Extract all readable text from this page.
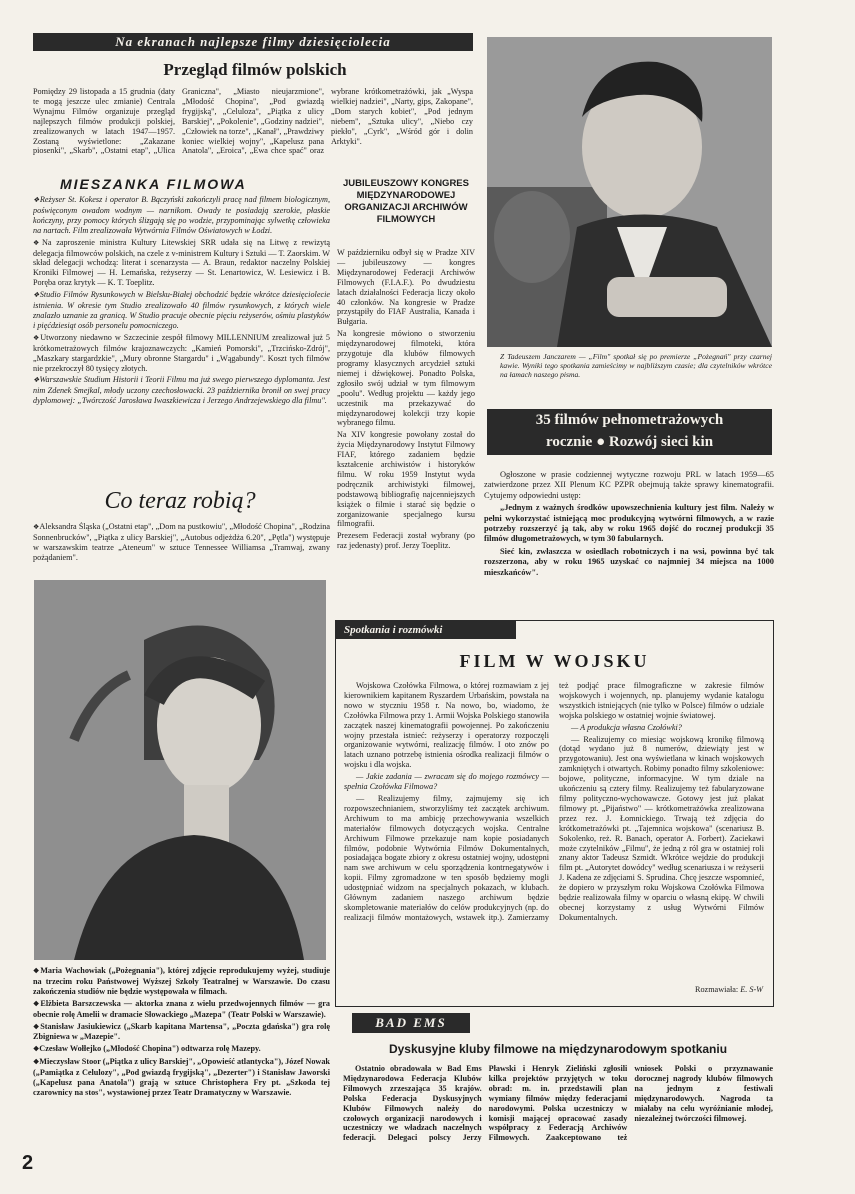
Na ekranach najlepsze filmy dziesięciolecia
Przegląd filmów polskich

Pomiędzy 29 listopada a 15 grudnia (daty te mogą jeszcze ulec zmianie) Centrala Wynajmu Filmów organizuje przegląd najlepszych filmów produkcji polskiej, zrealizowanych w latach 1947—1957. Zostaną wyświetlone: „Zakazane piosenki", „Skarb", „Ostatni etap", „Ulica Graniczna", „Miasto nieujarzmione", „Młodość Chopina", „Pod gwiazdą frygijską", „Celuloza", „Piątka z ulicy Barskiej", „Pokolenie", „Godziny nadziei", „Człowiek na torze", „Kanał", „Prawdziwy koniec wielkiej wojny", „Kapelusz pana Anatola", „Eroica", „Ewa chce spać" oraz wybrane krótkometrażówki, jak „Wyspa wielkiej nadziei", „Narty, gips, Zakopane", „Dom starych kobiet", „Pod jednym niebem", „Sztuka ulicy", „Niebo czy piekło", „Cyrk", „Wśród gór i dolin Arktyki".

MIESZANKA FILMOWA

❖ Reżyser St. Kokesz i operator B. Bączyński zakończyli pracę nad filmem biologicznym, poświęconym owadom wodnym — narnikom. Owady te posiadają szerokie, płaskie kończyny, przy pomocy których ślizgają się po wodzie, przypominając sylwetkę człowieka na nartach. Film zrealizowała Wytwórnia Filmów Oświatowych w Łodzi.

❖ Na zaproszenie ministra Kultury Litewskiej SRR udała się na Litwę z rewizytą delegacja filmowców polskich, na czele z v-ministrem Kultury i Sztuki — T. Zaorskim. W skład delegacji wchodzą: literat i scenarzysta — A. Braun, redaktor naczelny Polskiej Kroniki Filmowej — H. Lemańska, reżyserzy — St. Lenartowicz, W. Lesiewicz i B. Poręba oraz krytyk — K. T. Toeplitz.

❖ Studio Filmów Rysunkowych w Bielsku-Białej obchodzić będzie wkrótce dziesięciolecie istnienia. W okresie tym Studio zrealizowało 40 filmów rysunkowych, z których wiele znalazło uznanie za granicą. W Studio pracuje obecnie pięciu reżyserów, ośmiu plastyków i pięćdziesiąt osób personelu pomocniczego.

❖ Utworzony niedawno w Szczecinie zespół filmowy MILLENNIUM zrealizował już 5 krótkometrażowych filmów krajoznawczych: „Kamień Pomorski", „Trzcińsko-Zdrój", „Maszkary stargardzkie", „Mury obronne Stargardu" i „Wągabundy". Koszt tych filmów nie przekroczył 80 tysięcy złotych.

❖ Warszawskie Studium Historii i Teorii Filmu ma już swego pierwszego dyplomanta. Jest nim Zdenek Smejkal, młody uczony czechosłowacki. 23 października bronił on swej pracy dyplomowej: „Twórczość Jarosława Iwaszkiewicza i Jerzego Andrzejewskiego dla filmu".

JUBILEUSZOWY KONGRES MIĘDZYNARODOWEJ ORGANIZACJI ARCHIWÓW FILMOWYCH

W październiku odbył się w Pradze XIV — jubileuszowy — kongres Międzynarodowej Federacji Archiwów Filmowych (F.I.A.F.). Po dwudziestu latach działalności Federacja liczy około 40 członków. Na kongresie w Pradze przystąpiły do FIAF Australia, Kanada i Bułgaria.

Na kongresie mówiono o stworzeniu międzynarodowej filmoteki, która przygotuje dla klubów filmowych programy klasycznych arcydzieł sztuki niemej i dźwiękowej. Ponadto Polska, zgłosiło swój udział w tym filmowym „poolu". Według projektu — każdy jego uczestnik ma przekazywać do międzynarodowej kolekcji trzy kopie wybranego filmu.

Na XIV kongresie powołany został do życia Międzynarodowy Instytut Filmowy FIAF, którego zadaniem będzie kształcenie archiwistów i historyków filmu. W roku 1959 Instytut wyda podręcznik archiwistyki filmowej, podstawową bibliografię najcenniejszych książek o filmie i starać się będzie o zorganizowanie specjalnego kursu filmografii.

Prezesem Federacji został wybrany (po raz jedenasty) prof. Jerzy Toeplitz.

Co teraz robią?

❖ Aleksandra Śląska („Ostatni etap", „Dom na pustkowiu", „Młodość Chopina", „Rodzina Sonnenbrucków", „Piątka z ulicy Barskiej", „Autobus odjeżdża 6.20", „Pętla") występuje w warszawskim teatrze „Ateneum" w sztuce Tennessee Williamsa „Tramwaj, zwany pożądaniem".

❖ Maria Wachowiak („Pożegnania"), której zdjęcie reprodukujemy wyżej, studiuje na trzecim roku Państwowej Wyższej Szkoły Teatralnej w Warszawie. Do czasu zakończenia studiów nie będzie występowała w filmach.

❖ Elżbieta Barszczewska — aktorka znana z wielu przedwojennych filmów — gra obecnie rolę Amelii w dramacie Słowackiego „Mazepa" (Teatr Polski w Warszawie).

❖ Stanisław Jasiukiewicz („Skarb kapitana Martensa", „Poczta gdańska") gra rolę Zbigniewa w „Mazepie".

❖ Czesław Wołłejko („Młodość Chopina") odtwarza rolę Mazepy.

❖ Mieczysław Stoor („Piątka z ulicy Barskiej", „Opowieść atlantycka"), Józef Nowak („Pamiątka z Celulozy", „Pod gwiazdą frygijską", „Dezerter") i Stanisław Jaworski („Kapelusz pana Anatola") grają w sztuce Christophera Fry pt. „Szkoda tej czarownicy na stos", wystawionej przez Teatr Dramatyczny w Warszawie.

Z Tadeuszem Janczarem — „Film" spotkał się po premierze „Pożegnań" przy czarnej kawie. Wyniki tego spotkania zamieścimy w najbliższym czasie; dla czytelników wkrótce na łamach naszego pisma.
35 filmów pełnometrażowych
rocznie ● Rozwój sieci kin

Ogłoszone w prasie codziennej wytyczne rozwoju PRL w latach 1959—65 zatwierdzone przez XII Plenum KC PZPR obejmują także sprawy kinematografii. Cytujemy odpowiedni ustęp:

„Jednym z ważnych środków upowszechnienia kultury jest film. Należy w pełni wykorzystać istniejącą moc produkcyjną wytwórni filmowych, a w razie potrzeby rozszerzyć ją tak, aby w roku 1965 dojść do rocznej produkcji 35 filmów długometrażowych, w tym 30 fabularnych.

Sieć kin, zwłaszcza w osiedlach robotniczych i na wsi, powinna być tak rozszerzona, aby w roku 1965 uzyskać co najmniej 34 miejsca na 1000 mieszkańców".

Spotkania i rozmówki
FILM W WOJSKU

Wojskowa Czołówka Filmowa, o której rozmawiam z jej kierownikiem kapitanem Ryszardem Urbańskim, powstała na nowo w styczniu 1958 r. Na nowo, bo, wiadomo, że Czołówka Filmowa przy 1. Armii Wojska Polskiego stanowiła zaczątek naszej kinematografii powojennej. Po zakończeniu wojny przestała istnieć: reżyserzy i operatorzy rozpoczęli organizowanie wytwórni, realizację filmów. I oto znów po latach uznano potrzebę istnienia ośrodka realizacji filmów o wojsku i dla wojska.

— Jakie zadania — zwracam się do mojego rozmówcy — spełnia Czołówka Filmowa?

— Realizujemy filmy, zajmujemy się ich rozpowszechnianiem, stworzyliśmy też zaczątek archiwum. Archiwum to ma ambicję przechowywania wszelkich materiałów filmowych dotyczących wojska. Centralne Archiwum Filmowe przekazuje nam kopie posiadanych filmów, podobnie Wytwórnia Filmów Dokumentalnych, posiadająca bogate zbiory z okresu ostatniej wojny, udostępni nam swe archiwum w celu sporządzenia kontrnegatywów i kopii. Filmy zgromadzone w ten sposób będziemy mogli udostępniać widzom na specjalnych pokazach, w klubach. Głównym zadaniem naszego archiwum będzie skompletowanie materiałów do celów produkcyjnych (np. do realizacji filmów montażowych, wstawek itp.). Zamierzamy też podjąć prace filmograficzne w zakresie filmów wojskowych i wojennych, np. planujemy wydanie katalogu wszystkich istniejących (nie tylko w Polsce) filmów o udziale wojska polskiego w ostatniej wojnie światowej.

— A produkcja własna Czołówki?

— Realizujemy co miesiąc wojskową kronikę filmową (dotąd wydano już 8 numerów, dziewiąty jest w przygotowaniu). Jest ona wyświetlana w kinach wojskowych zamkniętych i otwartych. Robimy ponadto filmy szkoleniowe: bojowe, polityczne, informacyjne. W tym dziale na ukończeniu są cztery filmy. Realizujemy też fabularyzowane filmy polityczno-wychowawcze. Gotowy jest już plakat filmowy pt. „Pijaństwo" — krótkometrażówka zrealizowana przez rez. J. Łomnickiego. Trwają też zdjęcia do krótkometrażówki pt. „Tajemnica wojskowa" (scenariusz B. Sokolenko, reż. R. Banach, operator A. Forbert). Zaciekawi może czytelników „Filmu", że jedną z ról gra w ostatniej roli znany aktor Tadeusz Szmidt. Wkrótce wejdzie do produkcji film pt. „Autorytet dowódcy" według scenariusza i w reżyserii J. Kadena ze zdjęciami S. Sprudina. Chcę jeszcze wspomnieć, że dopiero w przyszłym roku Wojskowa Czołówka Filmowa będzie realizowała filmy w oparciu o własną ekipę. W chwili obecnej korzystamy z usług Wytwórni Filmów Dokumentalnych.

Rozmawiała: E. S-W
BAD EMS
Dyskusyjne kluby filmowe na międzynarodowym spotkaniu

Ostatnio obradowała w Bad Ems Międzynarodowa Federacja Klubów Filmowych zrzeszająca 35 krajów. Polska Federacja Dyskusyjnych Klubów Filmowych należy do czołowych organizacji narodowych i uczestniczy we władzach naczelnych federacji. Delegaci polscy Jerzy Pławski i Henryk Zieliński zgłosili kilka projektów przyjętych w toku obrad: m. in. przedstawili plan wymiany filmów między federacjami narodowymi. Polska uczestniczy w komisji mającej opracować zasady współpracy z Federacją Archiwów Filmowych. Zaakceptowano też wniosek Polski o przyznawanie dorocznej nagrody klubów filmowych na jednym z festiwali międzynarodowych. Nagroda ta miałaby na celu wyróżnianie młodej, niezależnej twórczości filmowej.

2
